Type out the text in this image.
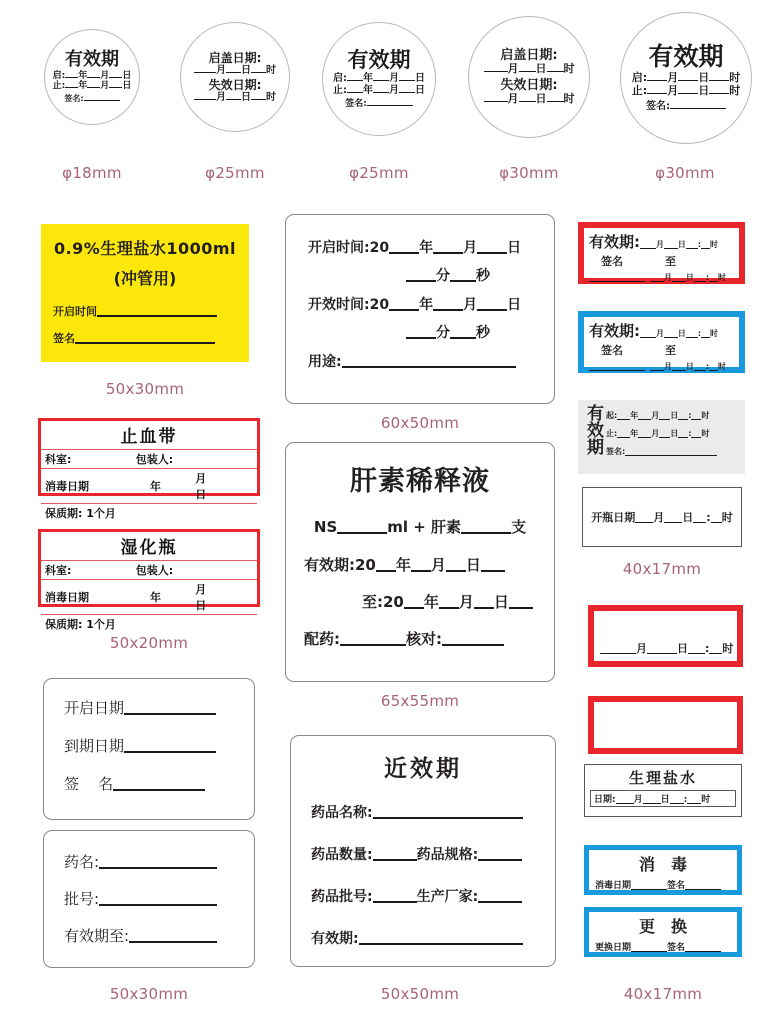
有效期
启: 年 月 日
止: 年 月 日
签名:
φ18mm
启盖日期:
月 日 时
失效日期:
月 日 时
φ25mm
有效期
启: 年 月 日
止: 年 月 日
签名:
φ25mm
启盖日期:
月 日 时
失效日期:
月 日 时
φ30mm
有效期
启: 月 日 时
止: 月 日 时
签名:
φ30mm
0.9%生理盐水1000ml
(冲管用)
开启时间
签名
50x30mm
止血带		
科室:	包装人:	
消毒日期	年	月日
保质期: 1个月		
湿化瓶		
科室:	包装人:	
消毒日期	年	月日
保质期: 1个月		
50x20mm
开启日期
到期日期
签    名
药名:
批号:
有效期至:
50x30mm
开启时间:20 年 月 日
分 秒
开效时间:20 年 月 日
分 秒
用途:
60x50mm
肝素稀释液
NS	ml + 肝素	支
有效期:20 年 月 日
至:20 年 月 日
配药:	核对:
65x55mm
近效期
药品名称:
药品数量:	药品规格:
药品批号:	生产厂家:
有效期:
50x50mm
有效期: 月 日 : 时
签名	至
月 日 : 时
有效期: 月 日 : 时
签名	至
月 日 : 时
有效期 起: 年 月 日 : 时
止: 年 月 日 : 时
签名:
开瓶日期 月 日 : 时
40x17mm
月	日 : 时
生理盐水
日期: 月 日 : 时
消　毒
消毒日期	签名
更　换
更换日期	签名
40x17mm
